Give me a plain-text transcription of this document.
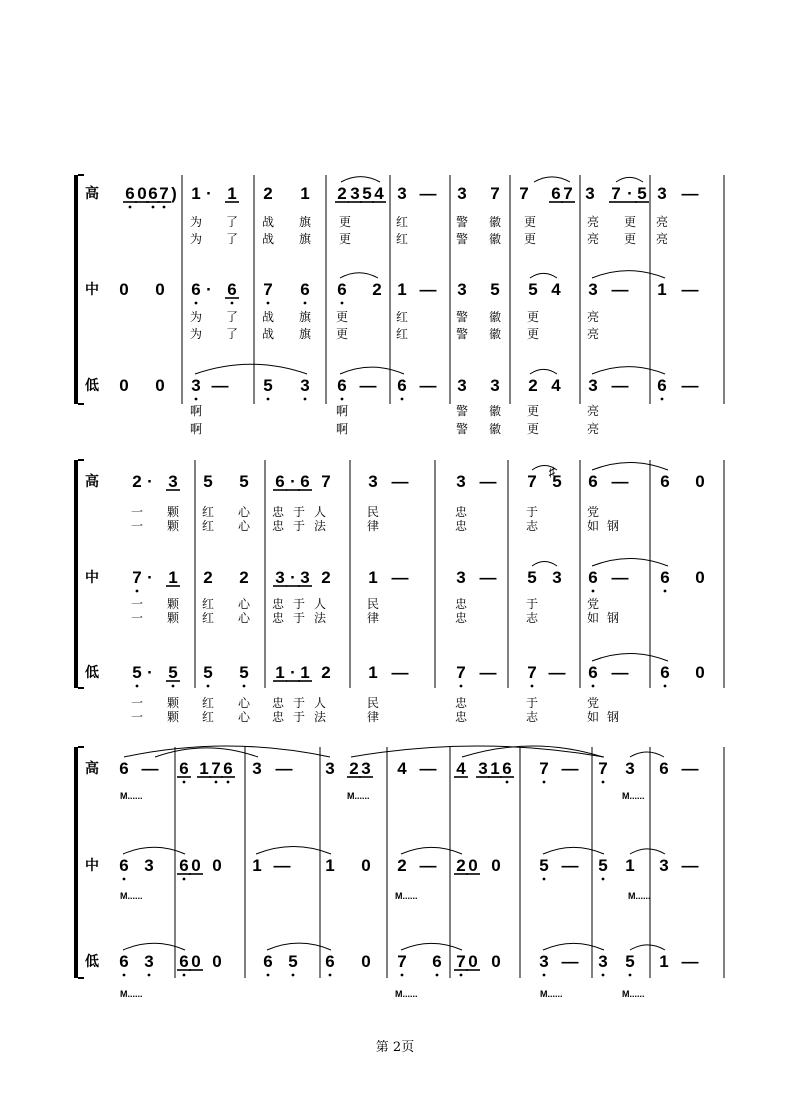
高 6 0 6 7 ) 1 · 1 2 1 2 3 5 4 3 — 3 7 7 6 7 3 7 · 5 3 —
为 了 战 旗 更	红	警 徽 更	亮 更 亮
为 了 战 旗 更	红	警 徽 更	亮 更 亮
中 0 0 6 · 6 7 6 6 2 1 — 3 5 5 4 3 — 1 —
为 了 战 旗 更	红	警 徽 更	亮
为 了 战 旗 更	红	警 徽 更	亮
低 0 0 3 — 5 3 6 — 6 — 3 3 2 4 3 — 6 —
啊	啊	警 徽 更	亮
啊	啊	警 徽 更	亮
高 2 · 3 5 5 6 · 6 7 3 —	3 — 7
♯
5 6 — 6 0
一 颗 红 心 忠 于 人	民	忠	于	党
一 颗 红 心 忠 于 法	律	忠	志	如 钢
中 7 · 1 2 2 3 · 3 2 1 —	3 — 5 3 6 — 6 0
一 颗 红 心 忠 于 人	民	忠	于	党
一 颗 红 心 忠 于 法	律	忠	志	如 钢
低 5 · 5 5 5 1 · 1 2 1 —	7 — 7 — 6 — 6 0
一 颗 红 心 忠 于 人	民	忠	于	党
一 颗 红 心 忠 于 法	律	忠	志	如 钢
高 6 — 6 1 7 6 3 — 3 2 3 4 — 4 3 1 6 7 — 7 3 6 —
M......	M......	M......
中 6 3 6 0 0 1 — 1 0 2 — 2 0 0 5 — 5 1 3 —
M......	M......	M......
低 6 3 6 0 0 6 5 6 0 7 6 7 0 0 3 — 3 5 1 —
M......	M......	M......	M......
第 2页
